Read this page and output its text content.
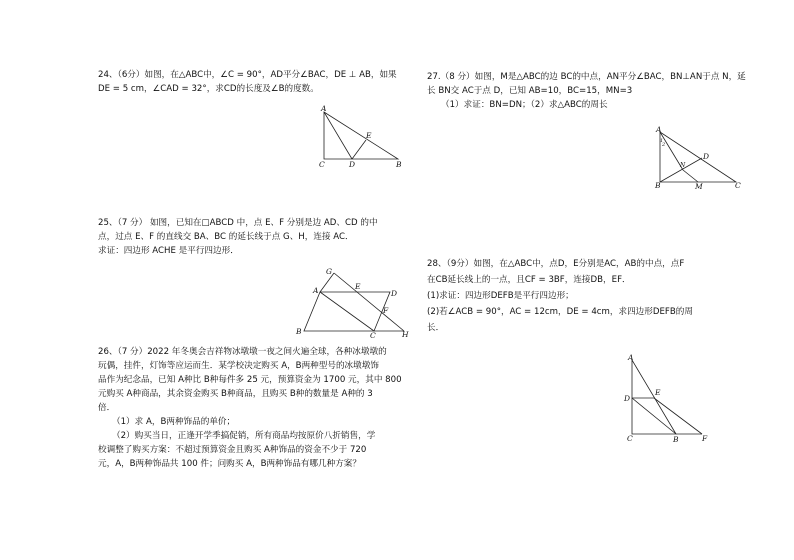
24、（6分）如图，在△ABC中，∠C = 90°，AD平分∠BAC，DE ⊥ AB，如果

DE = 5 cm，∠CAD = 32°，求CD的长度及∠B的度数。

A
C	D
E
B

25、（7 分） 如图，已知在□ABCD 中，点 E、F 分别是边 AD、CD 的中

点，过点 E、F 的直线交 BA、BC 的延长线于点 G、H，连接 AC．

求证：四边形 ACHE 是平行四边形．

G
A	E
D
F
B	C	H

26、（7 分）2022 年冬奥会吉祥物冰墩墩一夜之间火遍全球，各种冰墩墩的

玩偶，挂件，灯饰等应运而生．某学校决定购买 A，B两种型号的冰墩墩饰

品作为纪念品，已知 A种比 B种每件多 25 元，预算资金为 1700 元，其中 800

元购买 A种商品，其余资金购买 B种商品，且购买 B种的数量是 A种的 3

倍．

（1）求 A，B两种饰品的单价；

（2）购买当日，正逢开学季搞促销，所有商品均按原价八折销售，学

校调整了购买方案：不超过预算资金且购买 A种饰品的资金不少于 720

元，A，B两种饰品共 100 件；问购买 A，B两种饰品有哪几种方案？

27.（8 分）如图，M是△ABC的边 BC的中点，AN平分∠BAC，BN⊥AN于点 N，延

长 BN交 AC于点 D，已知 AB=10，BC=15，MN=3

（1）求证：BN=DN；（2）求△ABC的周长

A
1
2
D
N
B	M	C

28、（9分）如图，在△ABC中，点D，E分别是AC，AB的中点，点F

在CB延长线上的一点，且CF = 3BF，连接DB，EF．

(1)求证：四边形DEFB是平行四边形；

(2)若∠ACB = 90°，AC = 12cm，DE = 4cm，求四边形DEFB的周

长．

A
D
E
C	B	F
